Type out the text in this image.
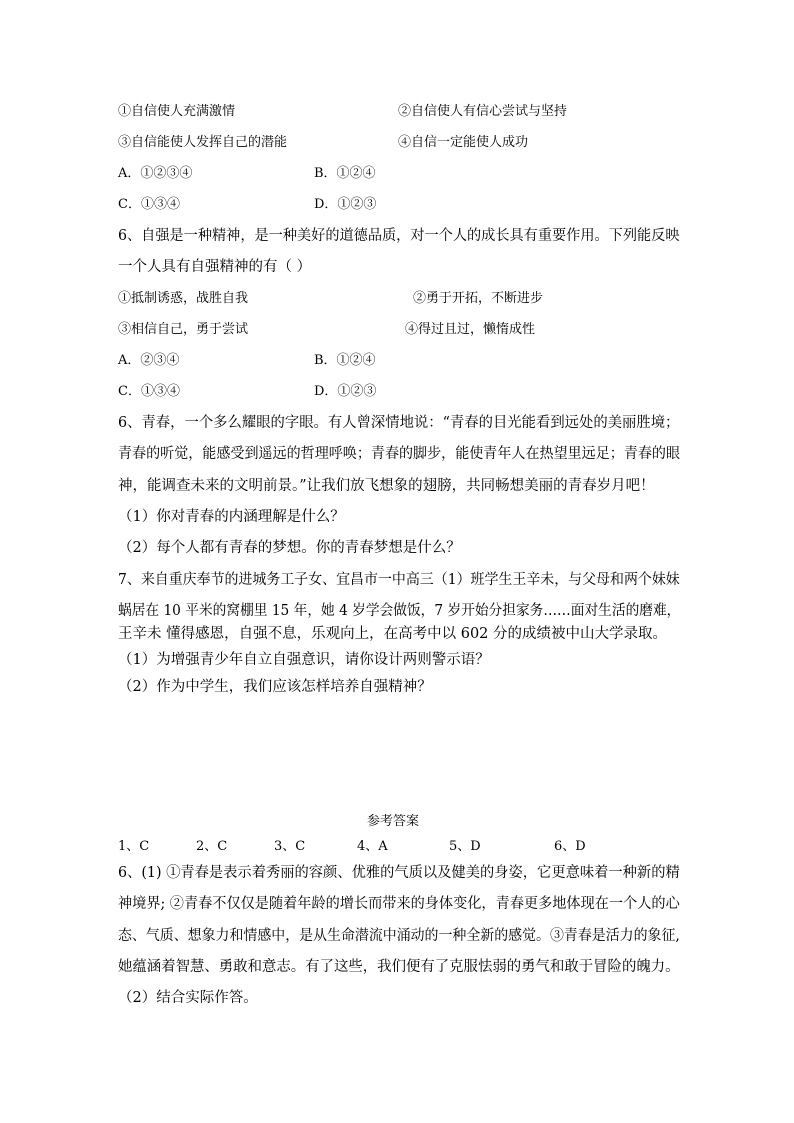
①自信使人充满激情	②自信使人有信心尝试与坚持
③自信能使人发挥自己的潜能	④自信一定能使人成功
A．①②③④	B．①②④
C．①③④	D．①②③
6、自强是一种精神，是一种美好的道德品质，对一个人的成长具有重要作用。下列能反映
一个人具有自强精神的有（ ）
①抵制诱惑，战胜自我	②勇于开拓，不断进步
③相信自己，勇于尝试	④得过且过，懒惰成性
A．②③④	B．①②④
C．①③④	D．①②③
6、青春，一个多么耀眼的字眼。有人曾深情地说：“青春的目光能看到远处的美丽胜境；
青春的听觉，能感受到遥远的哲理呼唤；青春的脚步，能使青年人在热望里远足；青春的眼
神，能调查未来的文明前景。”让我们放飞想象的翅膀，共同畅想美丽的青春岁月吧！
（1）你对青春的内涵理解是什么？
（2）每个人都有青春的梦想。你的青春梦想是什么？
7、来自重庆奉节的进城务工子女、宜昌市一中高三（1）班学生王辛未，与父母和两个妹妹
蜗居在 10 平米的窝棚里 15 年，她 4 岁学会做饭，7 岁开始分担家务……面对生活的磨难，
王辛未 懂得感恩，自强不息，乐观向上，在高考中以 602 分的成绩被中山大学录取。
（1）为增强青少年自立自强意识，请你设计两则警示语？
（2）作为中学生，我们应该怎样培养自强精神？
参考答案
1、C	2、C	3、C	4、A	5、D	6、D
6、(1) ①青春是表示着秀丽的容颜、优雅的气质以及健美的身姿，它更意味着一种新的精
神境界; ②青春不仅仅是随着年龄的增长而带来的身体变化，青春更多地体现在一个人的心
态、气质、想象力和情感中，是从生命潜流中涌动的一种全新的感觉。③青春是活力的象征,
她蕴涵着智慧、勇敢和意志。有了这些，我们便有了克服怯弱的勇气和敢于冒险的魄力。
（2）结合实际作答。
